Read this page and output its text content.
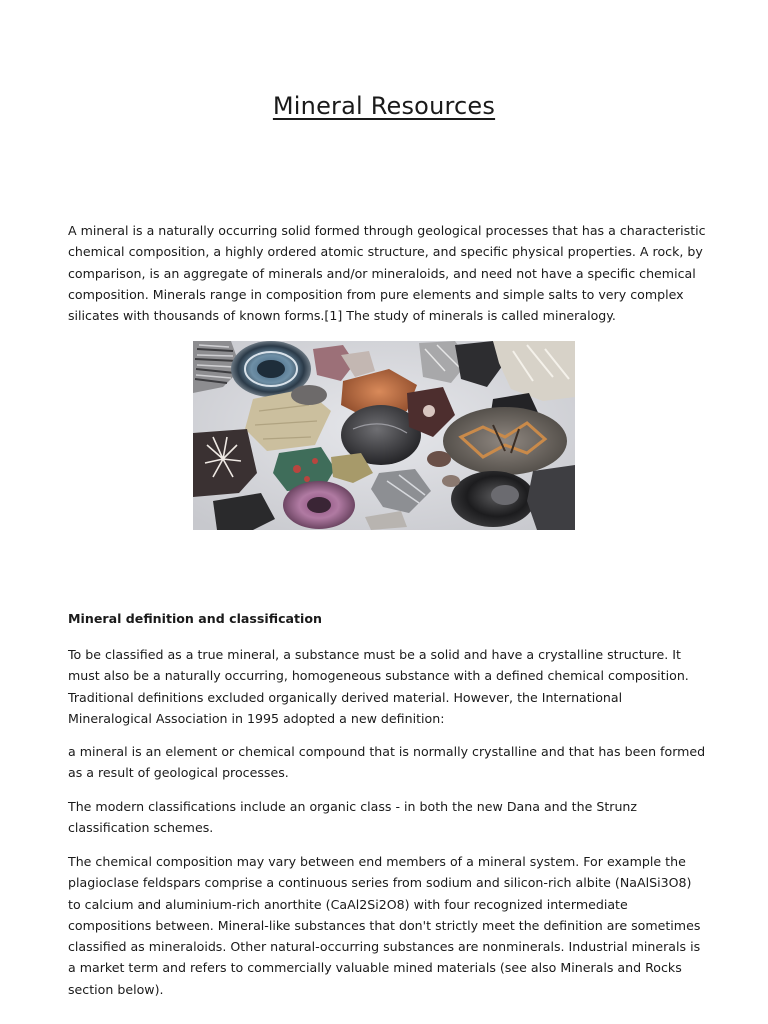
Mineral Resources

A mineral is a naturally occurring solid formed through geological processes that has a characteristic chemical composition, a highly ordered atomic structure, and specific physical properties. A rock, by comparison, is an aggregate of minerals and/or mineraloids, and need not have a specific chemical composition. Minerals range in composition from pure elements and simple salts to very complex silicates with thousands of known forms.[1] The study of minerals is called mineralogy.

Mineral definition and classification

To be classified as a true mineral, a substance must be a solid and have a crystalline structure. It must also be a naturally occurring, homogeneous substance with a defined chemical composition. Traditional definitions excluded organically derived material. However, the International Mineralogical Association in 1995 adopted a new definition:

a mineral is an element or chemical compound that is normally crystalline and that has been formed as a result of geological processes.

The modern classifications include an organic class - in both the new Dana and the Strunz classification schemes.

The chemical composition may vary between end members of a mineral system. For example the plagioclase feldspars comprise a continuous series from sodium and silicon-rich albite (NaAlSi3O8) to calcium and aluminium-rich anorthite (CaAl2Si2O8) with four recognized intermediate compositions between. Mineral-like substances that don't strictly meet the definition are sometimes classified as mineraloids. Other natural-occurring substances are nonminerals. Industrial minerals is a market term and refers to commercially valuable mined materials (see also Minerals and Rocks section below).
